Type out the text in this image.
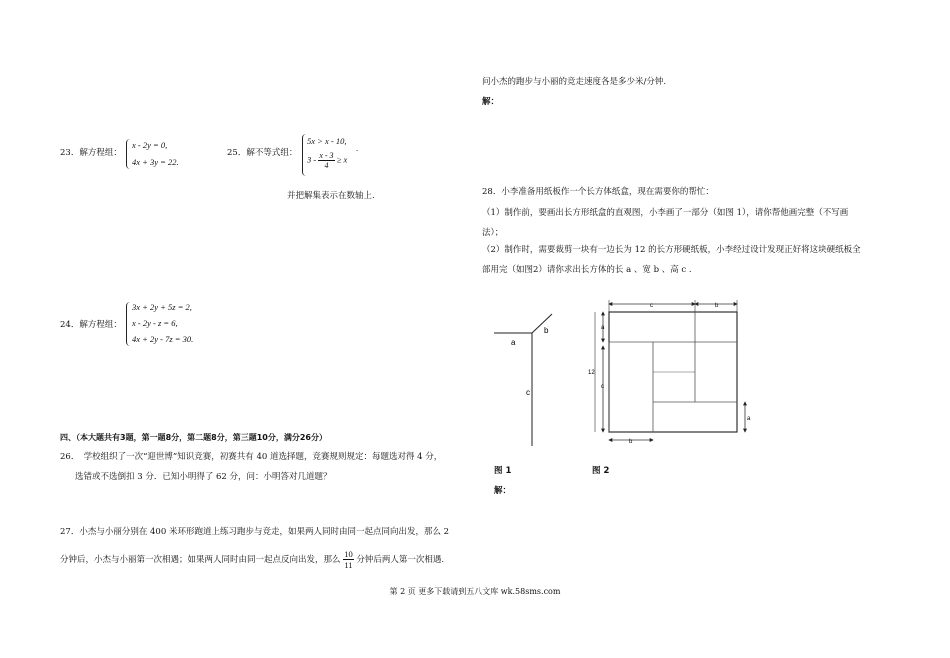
23．解方程组：
x - 2y = 0,
4x + 3y = 22.
25．解不等式组：
5x > x - 10,
.
$3 - \frac{x - 3}{4} \ge x$
并把解集表示在数轴上.
24．解方程组：
3x + 2y + 5z = 2,
x - 2y - z = 6,
4x + 2y - 7z = 30.
四、（本大题共有3题，第一题8分，第二题8分，第三题10分，满分26分）
26．　学校组织了一次“迎世博”知识竞赛，初赛共有 40 道选择题，竞赛规则规定：每题选对得 4 分，
选错或不选倒扣 3 分．已知小明得了 62 分，问：小明答对几道题？
27．小杰与小丽分别在 400 米环形跑道上练习跑步与竞走，如果两人同时由同一起点同向出发，那么 2
分钟后，小杰与小丽第一次相遇；如果两人同时由同一起点反向出发，那么 $\frac{10}{11}$ 分钟后两人第一次相遇.
问小杰的跑步与小丽的竞走速度各是多少米/分钟.
解：
28．小李准备用纸板作一个长方体纸盒，现在需要你的帮忙：
（1）制作前，要画出长方形纸盒的直观图，小李画了一部分（如图 1），请你帮他画完整（不写画
法）；
（2）制作时，需要裁剪一块有一边长为 12 的长方形硬纸板，小李经过设计发现正好将这块硬纸板全
部用完（如图2）请你求出长方体的长 a 、宽 b 、高 c .
a
b
c
图 1
c	b
a
c
12
a
b
图 2
解：
第 2 页 更多下载请到五八文库 wk.58sms.com
